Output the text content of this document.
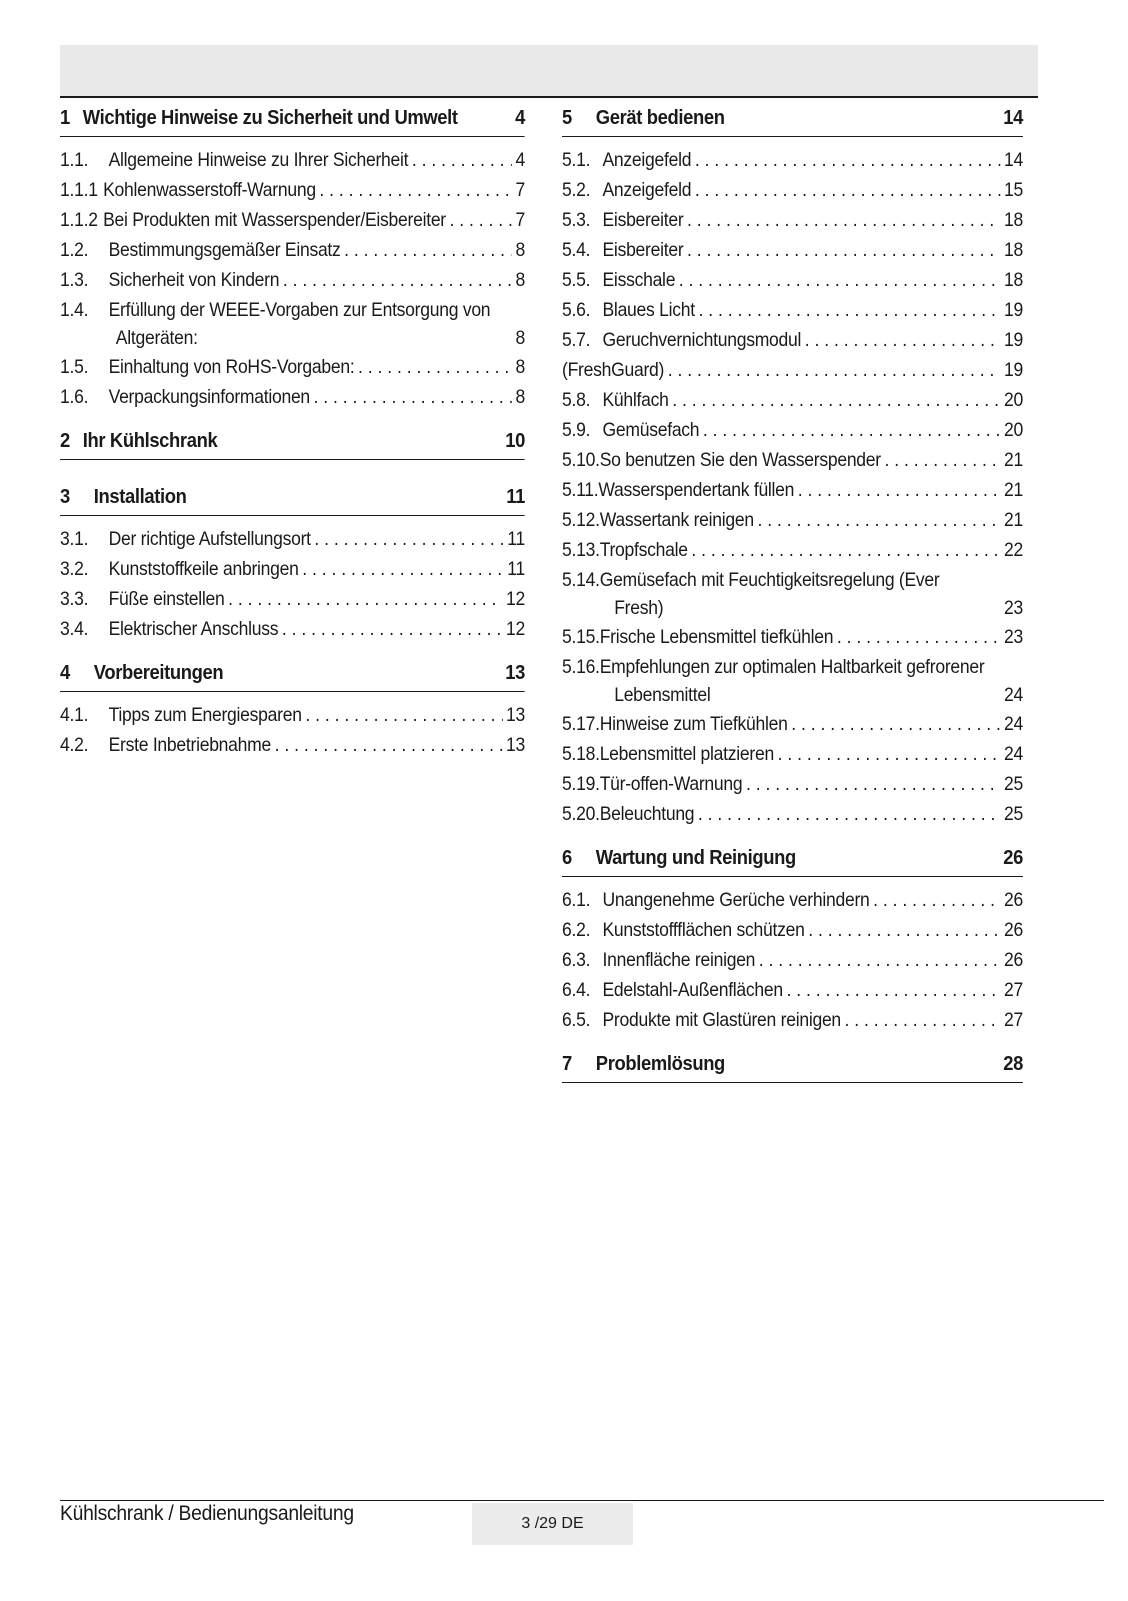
1 Wichtige Hinweise zu Sicherheit und Umwelt	4
1.1.	Allgemeine Hinweise zu Ihrer Sicherheit . . .	4
1.1.1 Kohlenwasserstoff-Warnung . . .	7
1.1.2 Bei Produkten mit Wasserspender/Eisbereiter . . .	7
1.2.	Bestimmungsgemäßer Einsatz . . .	8
1.3.	Sicherheit von Kindern . . .	8
1.4.	Erfüllung der WEEE-Vorgaben zur Entsorgung von
Altgeräten:	8
1.5.	Einhaltung von RoHS-Vorgaben: . . .	8
1.6.	Verpackungsinformationen . . .	8
2 Ihr Kühlschrank	10
3 Installation	11
3.1.	Der richtige Aufstellungsort . . .	11
3.2.	Kunststoffkeile anbringen . . .	11
3.3.	Füße einstellen . . .	12
3.4.	Elektrischer Anschluss . . .	12
4 Vorbereitungen	13
4.1.	Tipps zum Energiesparen . . .	13
4.2.	Erste Inbetriebnahme . . .	13
5 Gerät bedienen	14
5.1. Anzeigefeld . . .	14
5.2. Anzeigefeld . . .	15
5.3. Eisbereiter . . .	18
5.4. Eisbereiter . . .	18
5.5. Eisschale . . .	18
5.6. Blaues Licht . . .	19
5.7. Geruchvernichtungsmodul . . .	19
(FreshGuard) . . .	19
5.8. Kühlfach . . .	20
5.9. Gemüsefach . . .	20
5.10. So benutzen Sie den Wasserspender . . .	21
5.11. Wasserspendertank füllen . . .	21
5.12. Wassertank reinigen . . .	21
5.13. Tropfschale . . .	22
5.14. Gemüsefach mit Feuchtigkeitsregelung (Ever
Fresh)	23
5.15. Frische Lebensmittel tiefkühlen . . .	23
5.16. Empfehlungen zur optimalen Haltbarkeit gefrorener
Lebensmittel	24
5.17. Hinweise zum Tiefkühlen . . .	24
5.18. Lebensmittel platzieren . . .	24
5.19. Tür-offen-Warnung . . .	25
5.20. Beleuchtung . . .	25
6 Wartung und Reinigung	26
6.1. Unangenehme Gerüche verhindern . . .	26
6.2. Kunststoffflächen schützen . . .	26
6.3. Innenfläche reinigen . . .	26
6.4. Edelstahl-Außenflächen . . .	27
6.5. Produkte mit Glastüren reinigen . . .	27
7 Problemlösung	28
Kühlschrank / Bedienungsanleitung	3 /29 DE
